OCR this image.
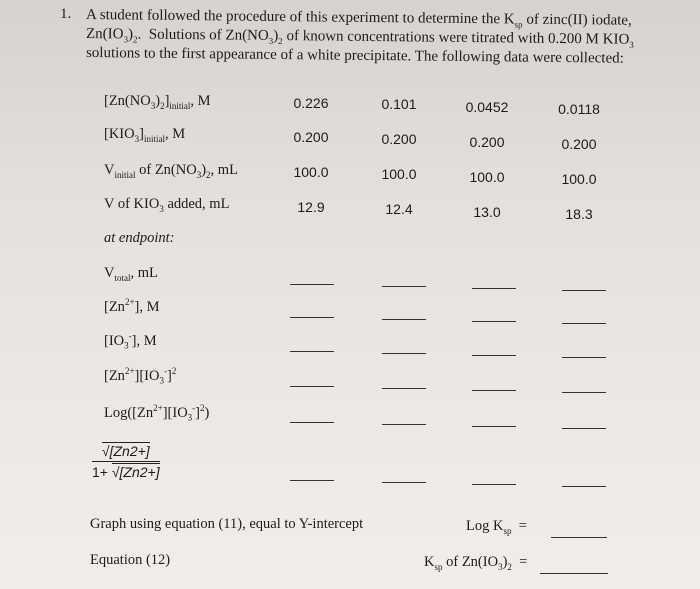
1. A student followed the procedure of this experiment to determine the $K_{sp}$ of zinc(II) iodate,
$Zn(IO_3)_2$.  Solutions of $Zn(NO_3)_2$ of known concentrations were titrated with 0.200 M $KIO_3$
solutions to the first appearance of a white precipitate. The following data were collected:
$[Zn(NO_3)_2]_{initial}$, M	0.226	0.101	0.0452	0.0118
$[KIO_3]_{initial}$, M	0.200	0.200	0.200	0.200
$V_{initial}$ of $Zn(NO_3)_2$, mL	100.0	100.0	100.0	100.0
V of $KIO_3$ added, mL	12.9	12.4	13.0	18.3
at endpoint:
$V_{total}$, mL
$[Zn^{2+}]$, M
$[IO_3^-]$, M
$[Zn^{2+}][IO_3^-]^2$
$Log([Zn^{2+}][IO_3^-]^2)$
$\frac{√[Zn2+]}{1+ √[Zn2+]}$
Graph using equation (11), equal to Y-intercept	Log $K_{sp}$  =
Equation (12)	$K_{sp}$ of $Zn(IO_3)_2$  =
